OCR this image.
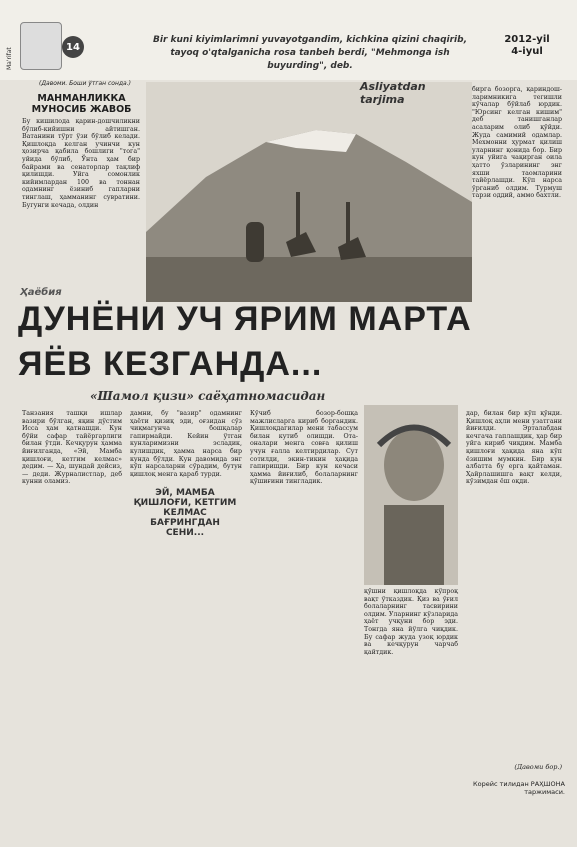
Ma'rifat
14
Bir kuni kiyimlarimni yuvayotgandim, kichkina qizini chaqirib, tayoq o'qtalganicha rosa tanbeh berdi, "Mehmonga ish buyurding", deb.
2012-yil
4-iyul
(Давоми. Боши ўтган сонда.)
МАНМАНЛИККА МУНОСИБ ЖАВОБ
Бу кишилода қарин-дошчиликни бўлиб-кийишни айтишган. Ватанини тўрт ўзи бўлиб келади. Қишлоқда келган учинчи кун ҳозирча қабила бошлиги "тога" уйида бўлиб, Ўнта ҳам бир байрами ва сенаторлар тақлиф қилишди. Уйга сомонлик кийимлардан 100 ва тоннан одамнинг ёзиниб гапларни тинглаш, ҳамманинг сувратини. Бугунги кечада, олдин
Ҳаёбия
Asliyatdan tarjima
бирга бозорга, қариндош-ларимникига тегишли кўчалар бўйлаб юрдик. "Юрсинг келган кишим" деб танишганлар асаларим олиб қўйди. Жуда самимий одамлар. Мехмонни ҳурмат қилиш уларнинг қонида бор. Бир кун уйига чақирган оила ҳатто ўзларининг энг яхши таомларини тайёрлашди. Кўп нарса ўрганиб олдим. Турмуш тарзи оддий, аммо бахтли.
ДУНЁНИ УЧ ЯРИМ МАРТА
ЯЁВ КЕЗГАНДА...
«Шамол қизи» саёҳатномасидан
Танзания ташқи ишлар вазири бўлган, яқин дўстим Исса ҳам қатнашди. Кун бўйи сафар тайёргарлиги билан ўтди. Кечқурун ҳамма йиғилганда, «Эй, Мамба қишлоғи, кетгим келмас» дедим. — Ҳа, шундай дейсиз, — деди. Журналистлар, деб кунни оламиз.
дамни, бу "вазир" одамнинг ҳаёти қизиқ эди, оғзидан сўз чиқмагунча бошқалар гапирмайди. Кейин ўтган кунларимизни эсладик, кулишдик, ҳамма нарса бир кунда бўлди. Кун давомида энг кўп нарсаларни сўрадим, бутун қишлоқ менга қараб турди.
ЭЙ, МАМБА ҚИШЛОҒИ, КЕТГИМ КЕЛМАС БАҒРИНГДАН СЕНИ...
Кўчиб бозор-бошқа мажлисларга кириб боргандик. Қишлоқдагилар мени табассум билан кутиб олишди. Ота-оналари менга совға қилиш учун ғалла келтирдилар. Сут сотилди, экин-тикин ҳақида гапиришди. Бир кун кечаси ҳамма йиғилиб, болаларнинг қўшиғини тингладик.
қўшни қишлоқда кўпроқ вақт ўтказдик. Қиз ва ўғил болаларнинг тасвирини олдим. Уларнинг кўзларида ҳаёт учқуни бор эди. Тонгда яна йўлга чиқдик. Бу сафар жуда узоқ юрдик ва кечқурун чарчаб қайтдик.
дар, билан бир кўп қўнди. Қишлоқ аҳли мени узатгани йиғилди. Эрталабдан кечгача гаплашдик, ҳар бир уйга кириб чиқдим. Мамба қишлоғи ҳақида яна кўп ёзишим мумкин. Бир кун албатта бу ерга қайтаман. Ҳайрлашишга вақт келди, кўзимдан ёш оқди.
(Давоми бор.)
Корейс тилидан РАҲШОНА таржимаси.
